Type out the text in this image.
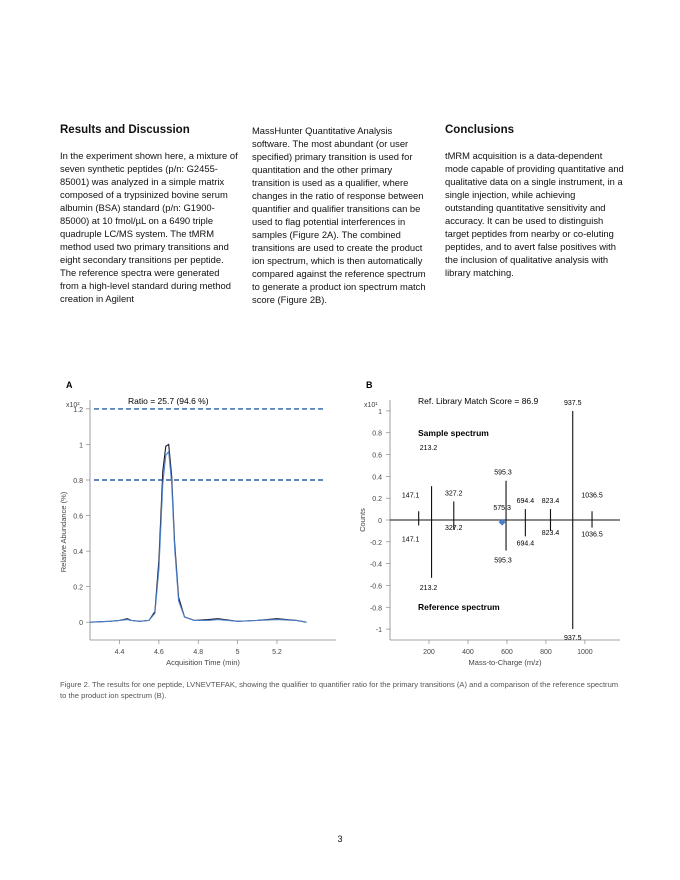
Results and Discussion

In the experiment shown here, a mixture of seven synthetic peptides (p/n: G2455-85001) was analyzed in a simple matrix composed of a trypsinized bovine serum albumin (BSA) standard (p/n: G1900-85000) at 10 fmol/µL on a 6490 triple quadruple LC/MS system. The tMRM method used two primary transitions and eight secondary transitions per peptide. The reference spectra were generated from a high-level standard during method creation in Agilent

MassHunter Quantitative Analysis software. The most abundant (or user specified) primary transition is used for quantitation and the other primary transition is used as a qualifier, where changes in the ratio of response between quantifier and qualifier transitions can be used to flag potential interferences in samples (Figure 2A). The combined transitions are used to create the product ion spectrum, which is then automatically compared against the reference spectrum to generate a product ion spectrum match score (Figure 2B).

Conclusions

tMRM acquisition is a data-dependent mode capable of providing quantitative and qualitative data on a single instrument, in a single injection, while achieving outstanding quantitative sensitivity and accuracy. It can be used to distinguish target peptides from nearby or co-eluting peptides, and to avert false positives with the inclusion of qualitative analysis with library matching.

A
x10²	Ratio = 25.7 (94.6 %)
0
0.2
0.4
0.6
0.8
1
1.2
4.4	4.6	4.8	5	5.2
Acquisition Time (min)
Relative Abundance (%)
B
x10¹	Ref. Library Match Score = 86.9
Sample spectrum
Reference spectrum
1
0.8
0.6
0.4
0.2
0
-0.2
-0.4
-0.6
-0.8
-1
200	400	600	800	1000
147.1
213.2
327.2
595.3
694.4 823.4
937.5
1036.5
147.1
213.2
327.2
595.3
694.4
823.4
937.5
1036.5
575.3
Mass-to-Charge (m/z)
Counts
Figure 2. The results for one peptide, LVNEVTEFAK, showing the qualifier to quantifier ratio for the primary transitions (A) and a comparison of the reference spectrum to the product ion spectrum (B).
3
